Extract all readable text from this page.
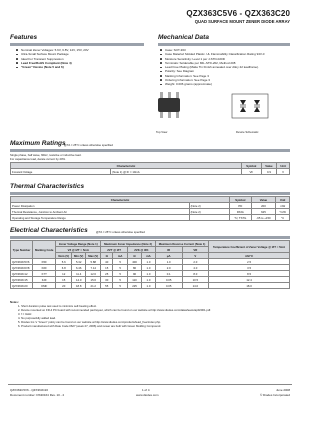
QZX363C5V6 - QZX363C20
QUAD SURFACE MOUNT ZENER DIODE ARRAY
Features
Nominal Zener Voltages: 5.6V, 6.8V, 12V, 15V, 20V
Ultra-Small Surface Mount Package
Ideal For Transient Suppression
Lead Free/RoHS Compliant (Note 4)
"Green" Device (Note 5 and 6)
Mechanical Data
Case: SOT-363
Case Material: Molded Plastic. UL Flammability Classification Rating 94V-0
Moisture Sensitivity: Level 1 per J-STD-020D
Terminals: Solderable per MIL-STD-202, Method 208
Lead Free Plating (Matte Tin Finish annealed over Alloy 42 leadframe).
Polarity: See Diagram
Marking Information: See Page 3
Ordering Information: See Page 3
Weight: 0.006 grams (approximate)
Top View	Device Schematic
Maximum Ratings
@TA = 25°C unless otherwise specified
Single phase, half wave, 60Hz, resistive or inductive load.
For capacitance load, derate current by 20%.
Characteristic		Symbol	Value	Unit
Forward Voltage	(Note 1) @ IF = 10mA	VF	0.9	V
Thermal Characteristics
Characteristic		Symbol	Value	Unit
Power Dissipation	(Note 2)	PD	200	mW
Thermal Resistance, Junction to Ambient Air	(Note 2)	RθJA	625	°C/W
Operating and Storage Temperature Range		TJ, TSTG	-65 to +150	°C
Electrical Characteristics	@TA = 25°C unless otherwise specified
Type Number	Marking Code	Zener Voltage Range (Note 1)			Maximum Zener Impedance (Note 2)				Maximum Reverse Current (Note 1)		Temperature Coefficient of Zener Voltage @ IZT = 5mA
		VZ @ IZT = 5mA			ZZT @ IZT		ZZK @ IZK		IR	VR	
		Nom (V)	Min (V)	Max (V)	Ω	mA	Ω	mA	μA	V	mV/°C
QZX363C5V6	K5F	5.6	5.32	5.88	40	5	400	1.0	1.0	2.0	2.5
QZX363C6V8	K6F	6.8	6.46	7.14	15	5	80	1.0	2.0	4.0	3.5
QZX363C12	K7T	12	11.4	12.6	25	5	90	1.0	0.1	8.0	8.5
QZX363C15	KJF	15	14.0	15.6	30	5	110	1.0	0.05	10.5	12.4
QZX363C20	KMF	20	18.8	21.2	55	5	225	1.0	0.05	14.0	18.0
Notes:
1. Short duration pulse test used to minimize self-heating effect.
2. Device mounted on FR-4 PC board with recommended pad layout, which can be found on our website at http://www.diodes.com/datasheets/ap02001.pdf.
3. f = 1kHz.
4. No purposefully added lead.
5. Diodes Inc.'s "Green" policy can be found on our website at http://www.diodes.com/products/lead_free/index.php.
6. Product manufactured with Date Code 0627 (week 27, 2006) and newer are built with Green Molding Compound.
QZX363C5V6 - QZX363C20
Document number: DS30164 Rev. 10 - 2
1 of 4
www.diodes.com
June 2008
© Diodes Incorporated
